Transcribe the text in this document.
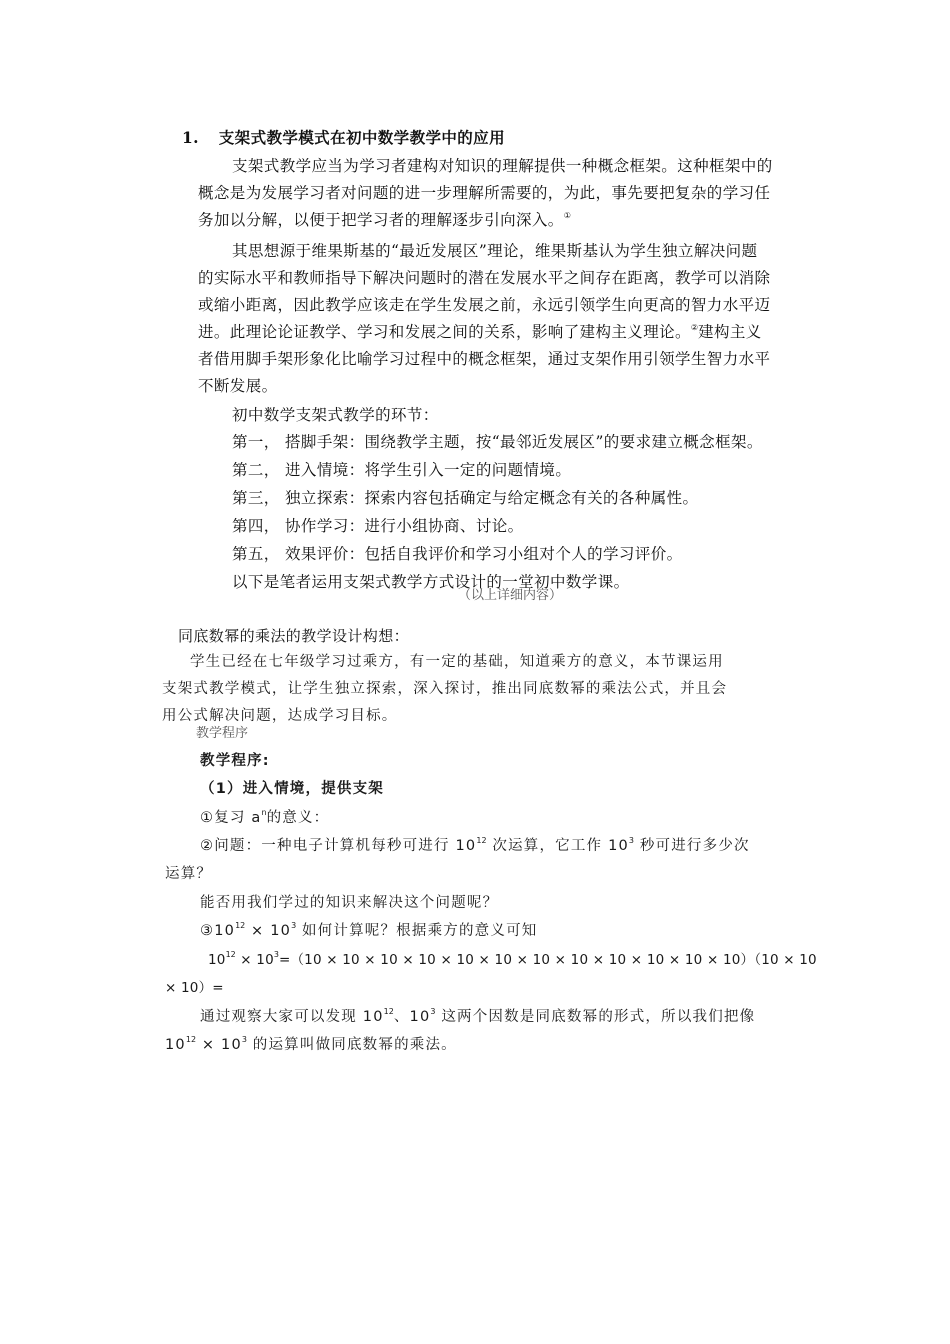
1. 支架式教学模式在初中数学教学中的应用
支架式教学应当为学习者建构对知识的理解提供一种概念框架。这种框架中的
概念是为发展学习者对问题的进一步理解所需要的，为此，事先要把复杂的学习任
务加以分解，以便于把学习者的理解逐步引向深入。①
其思想源于维果斯基的“最近发展区”理论，维果斯基认为学生独立解决问题
的实际水平和教师指导下解决问题时的潜在发展水平之间存在距离，教学可以消除
或缩小距离，因此教学应该走在学生发展之前，永远引领学生向更高的智力水平迈
进。此理论论证教学、学习和发展之间的关系，影响了建构主义理论。②建构主义
者借用脚手架形象化比喻学习过程中的概念框架，通过支架作用引领学生智力水平
不断发展。
初中数学支架式教学的环节：
第一， 搭脚手架：围绕教学主题，按“最邻近发展区”的要求建立概念框架。
第二， 进入情境：将学生引入一定的问题情境。
第三， 独立探索：探索内容包括确定与给定概念有关的各种属性。
第四， 协作学习：进行小组协商、讨论。
第五， 效果评价：包括自我评价和学习小组对个人的学习评价。
以下是笔者运用支架式教学方式设计的一堂初中数学课。
（以上详细内容）
同底数幂的乘法的教学设计构想：
学生已经在七年级学习过乘方，有一定的基础，知道乘方的意义，本节课运用
支架式教学模式，让学生独立探索，深入探讨，推出同底数幂的乘法公式，并且会
用公式解决问题，达成学习目标。
教学程序
教学程序:
（1）进入情境，提供支架
①复习 $a^n$的意义：
②问题：一种电子计算机每秒可进行 $10^{12}$ 次运算，它工作 $10^3$ 秒可进行多少次
运算？
能否用我们学过的知识来解决这个问题呢？
$③10^{12} \times 10^3$ 如何计算呢？根据乘方的意义可知
$10^{12} \times 10^3=(10 \times 10 \times 10 \times 10 \times 10 \times 10 \times 10 \times 10 \times 10 \times 10 \times 10 \times 10)(10 \times 10$
× 10）=
通过观察大家可以发现 $10^{12}$、$10^3$ 这两个因数是同底数幂的形式，所以我们把像
$10^{12} \times 10^3$ 的运算叫做同底数幂的乘法。
